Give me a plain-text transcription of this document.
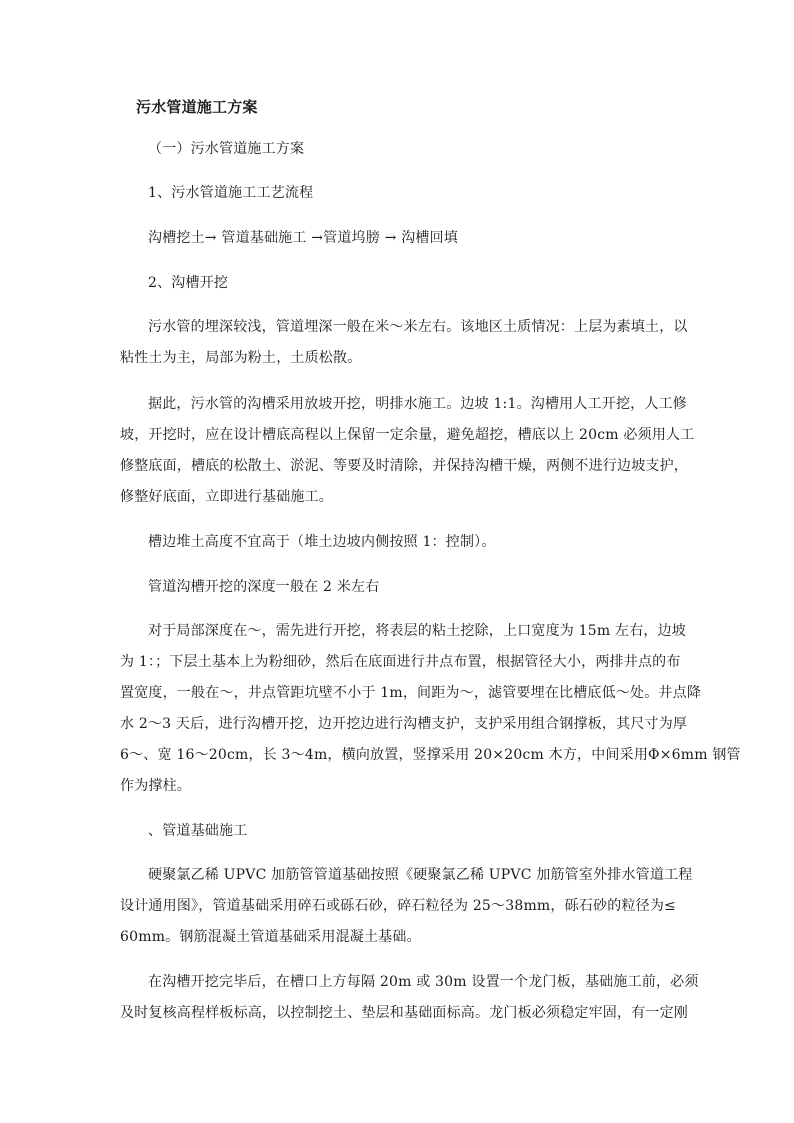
污水管道施工方案
（一）污水管道施工方案
1、污水管道施工工艺流程
沟槽挖土→ 管道基础施工 →管道坞膀 → 沟槽回填
2、沟槽开挖
污水管的埋深较浅，管道埋深一般在米～米左右。该地区土质情况：上层为素填土，以
粘性土为主，局部为粉土，土质松散。
据此，污水管的沟槽采用放坡开挖，明排水施工。边坡 1:1。沟槽用人工开挖，人工修
坡，开挖时，应在设计槽底高程以上保留一定余量，避免超挖，槽底以上 20cm 必须用人工
修整底面，槽底的松散土、淤泥、等要及时清除，并保持沟槽干燥，两侧不进行边坡支护，
修整好底面，立即进行基础施工。
槽边堆土高度不宜高于（堆土边坡内侧按照 1：控制）。
管道沟槽开挖的深度一般在 2 米左右
对于局部深度在～，需先进行开挖，将表层的粘土挖除，上口宽度为 15m 左右，边坡
为 1：；下层土基本上为粉细砂，然后在底面进行井点布置，根据管径大小，两排井点的布
置宽度，一般在～，井点管距坑壁不小于 1m，间距为～，滤管要埋在比槽底低～处。井点降
水 2～3 天后，进行沟槽开挖，边开挖边进行沟槽支护，支护采用组合钢撑板，其尺寸为厚
6～、宽 16～20cm，长 3～4m，横向放置，竖撑采用 20×20cm 木方，中间采用Φ×6mm 钢管
作为撑柱。
、管道基础施工
硬聚氯乙稀 UPVC 加筋管管道基础按照《硬聚氯乙稀 UPVC 加筋管室外排水管道工程
设计通用图》，管道基础采用碎石或砾石砂，碎石粒径为 25～38mm，砾石砂的粒径为≤
60mm。钢筋混凝土管道基础采用混凝土基础。
在沟槽开挖完毕后，在槽口上方每隔 20m 或 30m 设置一个龙门板，基础施工前，必须
及时复核高程样板标高，以控制挖土、垫层和基础面标高。龙门板必须稳定牢固，有一定刚
